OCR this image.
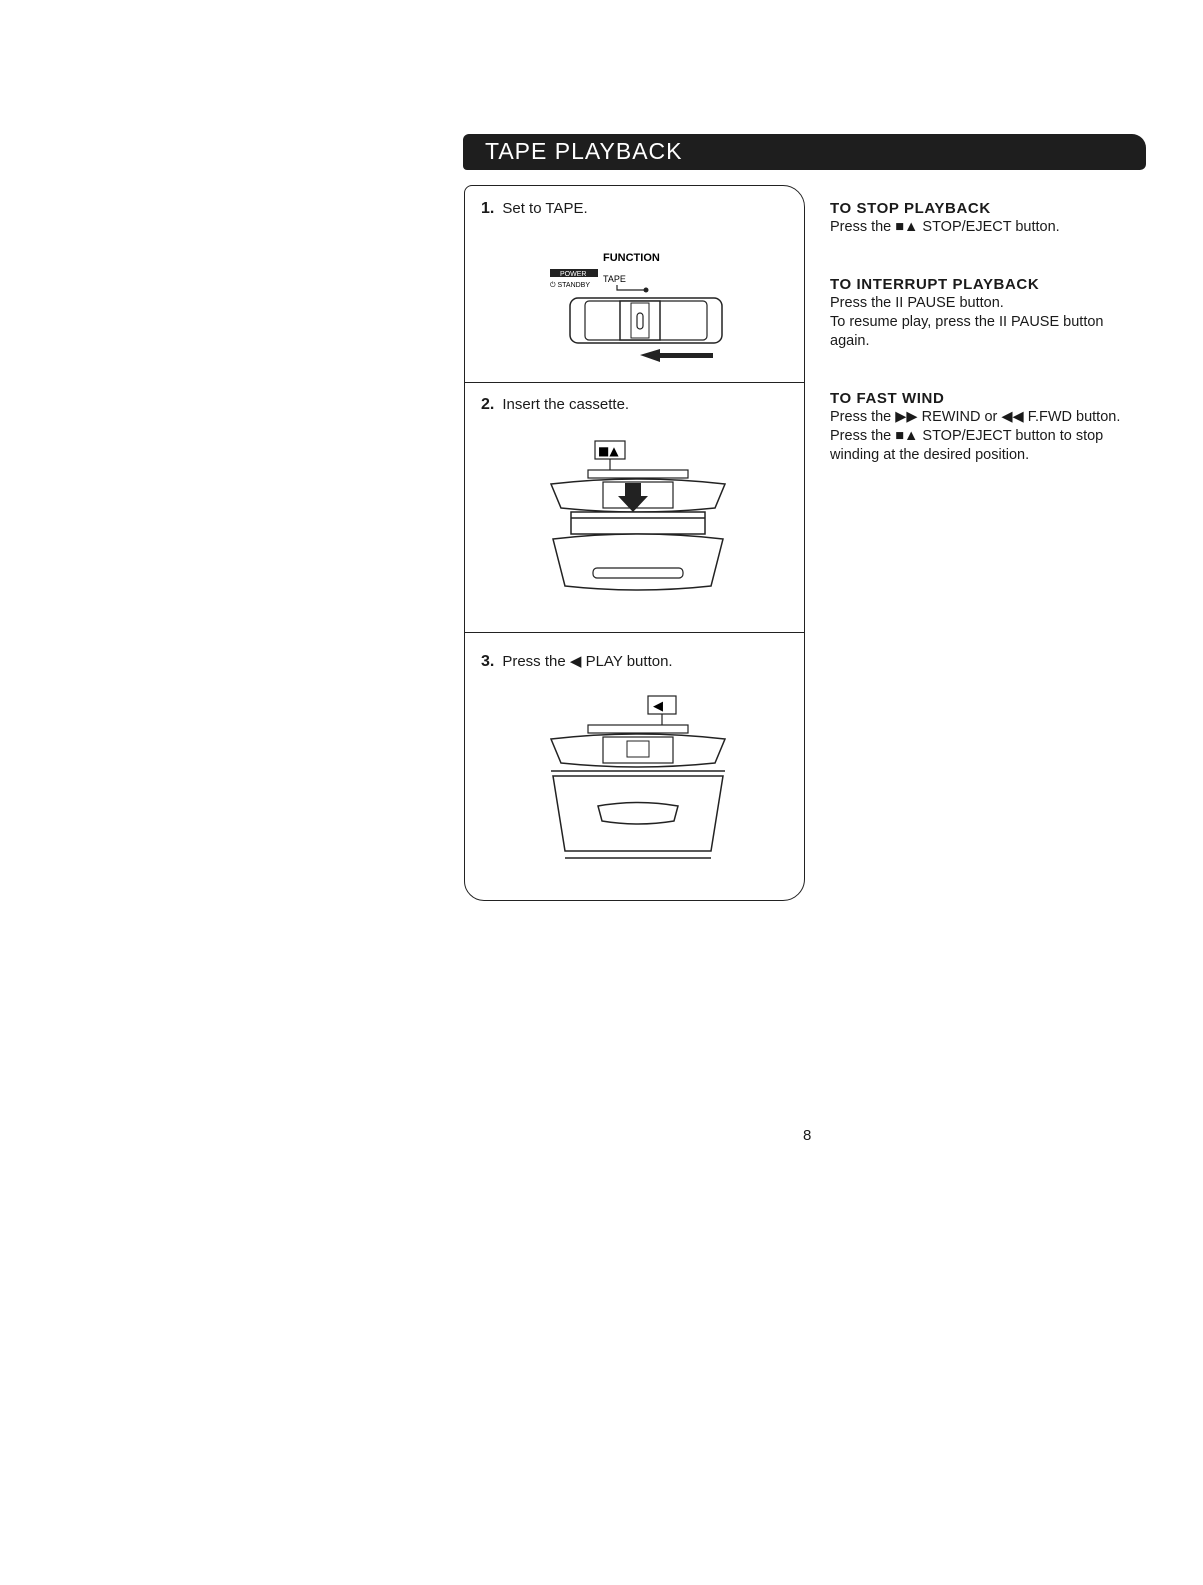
TAPE PLAYBACK
1. Set to TAPE.
FUNCTION
POWER
⏻ STANDBY
TAPE
2. Insert the cassette.
■▲
3. Press the ◀ PLAY button.
◀
TO STOP PLAYBACK
Press the ■▲ STOP/EJECT button.
TO INTERRUPT PLAYBACK
Press the II PAUSE button.
To resume play, press the II PAUSE button
again.
TO FAST WIND
Press the ▶▶ REWIND or ◀◀ F.FWD button.
Press the ■▲ STOP/EJECT button to stop
winding at the desired position.
8
